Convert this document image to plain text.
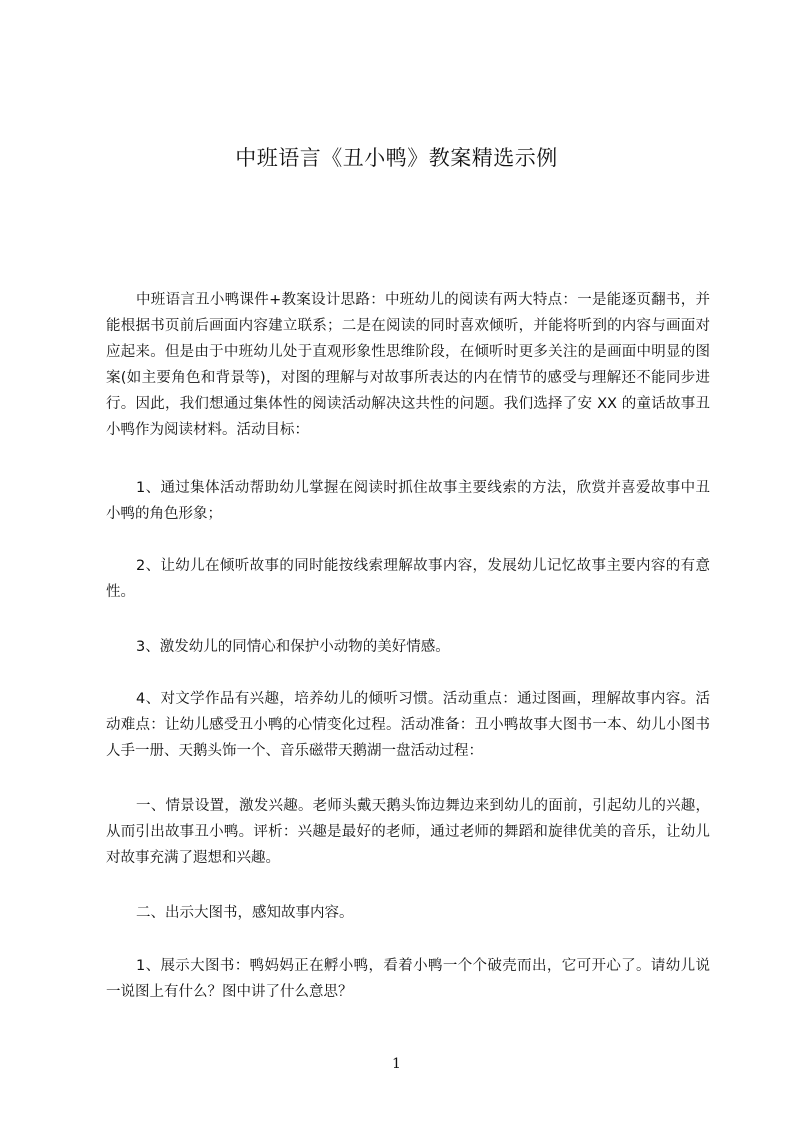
中班语言《丑小鸭》教案精选示例

中班语言丑小鸭课件+教案设计思路：中班幼儿的阅读有两大特点：一是能逐页翻书，并能根据书页前后画面内容建立联系；二是在阅读的同时喜欢倾听，并能将听到的内容与画面对应起来。但是由于中班幼儿处于直观形象性思维阶段，在倾听时更多关注的是画面中明显的图案(如主要角色和背景等)，对图的理解与对故事所表达的内在情节的感受与理解还不能同步进行。因此，我们想通过集体性的阅读活动解决这共性的问题。我们选择了安 XX 的童话故事丑小鸭作为阅读材料。活动目标：

1、通过集体活动帮助幼儿掌握在阅读时抓住故事主要线索的方法，欣赏并喜爱故事中丑小鸭的角色形象；

2、让幼儿在倾听故事的同时能按线索理解故事内容，发展幼儿记忆故事主要内容的有意性。

3、激发幼儿的同情心和保护小动物的美好情感。

4、对文学作品有兴趣，培养幼儿的倾听习惯。活动重点：通过图画，理解故事内容。活动难点：让幼儿感受丑小鸭的心情变化过程。活动准备：丑小鸭故事大图书一本、幼儿小图书人手一册、天鹅头饰一个、音乐磁带天鹅湖一盘活动过程：

一、情景设置，激发兴趣。老师头戴天鹅头饰边舞边来到幼儿的面前，引起幼儿的兴趣，从而引出故事丑小鸭。评析：兴趣是最好的老师，通过老师的舞蹈和旋律优美的音乐，让幼儿对故事充满了遐想和兴趣。

二、出示大图书，感知故事内容。

1、展示大图书：鸭妈妈正在孵小鸭，看着小鸭一个个破壳而出，它可开心了。请幼儿说一说图上有什么？图中讲了什么意思？

1
